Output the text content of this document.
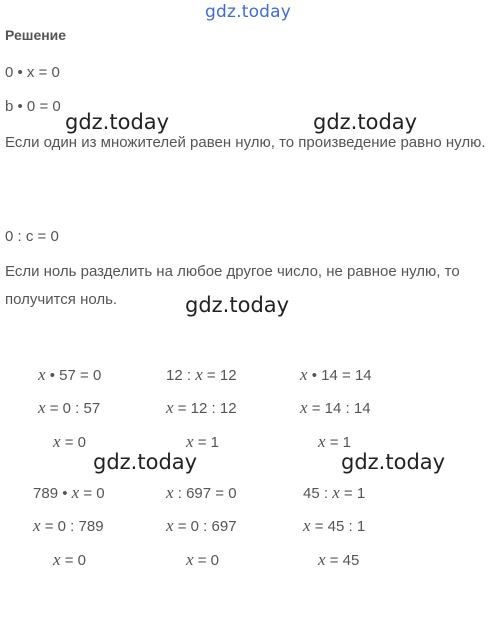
gdz.today
Решение
0 • х = 0
b • 0 = 0
Если один из множителей равен нулю, то произведение равно нулю.
0 : с = 0
Если ноль разделить на любое другое число, не равное нулю, то получится ноль.
gdz.today	gdz.today
gdz.today
gdz.today	gdz.today
x • 57 = 0	12 : x = 12	x • 14 = 14
x = 0 : 57	x = 12 : 12	x = 14 : 14
x = 0	x = 1	x = 1
789 • x = 0	x : 697 = 0	45 : x = 1
x = 0 : 789	x = 0 : 697	x = 45 : 1
x = 0	x = 0	x = 45
